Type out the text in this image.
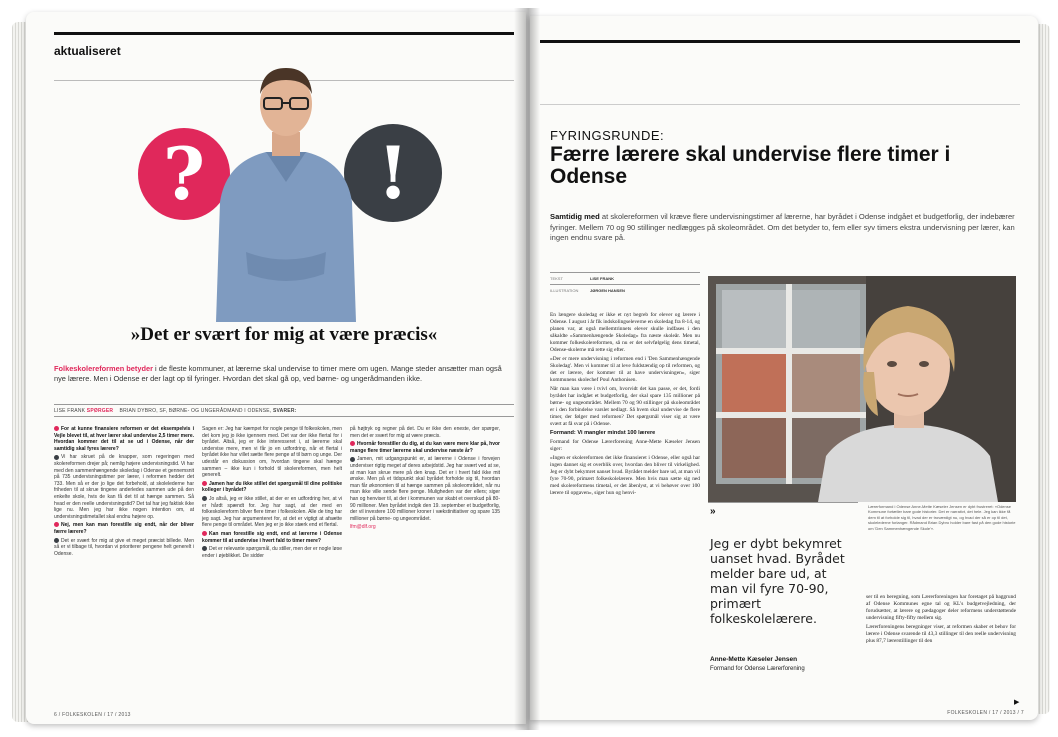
aktualiseret
?	!
»Det er svært for mig at være præcis«
Folkeskolereformen betyder i de fleste kommuner, at lærerne skal undervise to timer mere om ugen. Mange steder ansætter man også nye lærere. Men i Odense er der lagt op til fyringer. Hvordan det skal gå op, ved børne- og ungerådmanden ikke.
LISE FRANK SPØRGER BRIAN DYBRO, SF, BØRNE- OG UNGERÅDMAND I ODENSE, SVARER:

For at kunne finansiere reformen er det eksempelvis i Vejle blevet til, at hver lærer skal undervise 2,5 timer mere. Hvordan kommer det til at se ud i Odense, når der samtidig skal fyres lærere?

Vi har skruet på de knapper, som regeringen med skolereformen drejer på; nemlig højere undervisningstid. Vi har med den sammenhængende skoledag i Odense et gennemsnit på 735 undervisningstimer per lærer, i reformen hedder det 733. Men så er der jo lige det forbehold, at skolelederne har friheden til at skrue tingene anderledes sammen ude på den enkelte skole, hvis de kan få det til at hænge sammen. Så hvad er den reelle undervisningstid? Det tal har jeg faktisk ikke lige nu. Men jeg har ikke nogen intention om, at undervisningstimetallet skal endnu højere op.

Nej, men kan man forestille sig endt, når der bliver færre lærere?

Det er svært for mig at give et meget præcist billede. Men så er vi tilbage til, hvordan vi prioriterer pengene helt generelt i Odense.

Sagen er: Jeg har kæmpet for nogle penge til folkeskolen, men det kom jeg jo ikke igennem med. Det var der ikke flertal for i byrådet. Altså, jeg er ikke interesseret i, at lærerne skal undervise mere, men vi får jo en udfordring, når et flertal i byrådet ikke har villet sætte flere penge af til børn og unge. Der udestår en diskussion om, hvordan tingene skal hænge sammen – ikke kun i forhold til skolereformen, men helt generelt.

Jamen har du ikke stillet det spørgsmål til dine politiske kolleger i byrådet?

Jo altså, jeg er ikke stillet, at der er en udfordring her, at vi er hårdt spændt for. Jeg har sagt, at der med en folkeskolereform bliver flere timer i folkeskolen. Alle de ting har jeg sagt. Jeg har argumenteret for, at det er vigtigt at afsætte flere penge til området. Men jeg er jo ikke stærk end et flertal.

Kan man forestille sig endt, end at lærerne i Odense kommer til at undervise i hvert fald to timer mere?

Det er relevante spørgsmål, du stiller, men der er nogle løse ender i øjeblikket. De sidder

på højtryk og regner på det. Du er ikke den eneste, der spørger, men det er svært for mig at være præcis.

Hvornår forestiller du dig, at du kan være mere klar på, hvor mange flere timer lærerne skal undervise næste år?

Jamen, mit udgangspunkt er, at lærerne i Odense i forvejen underviser rigtig meget af deres arbejdstid. Jeg har svært ved at se, at man kan skrue mere på den knap. Det er i hvert fald ikke mit ønske. Men på et tidspunkt skal byrådet forholde sig til, hvordan man får økonomien til at hænge sammen på skoleområdet, når nu man ikke ville sende flere penge. Muligheden var der ellers; siger han og henviser til, at der i kommunen var skabt et overskud på 80-90 millioner. Men byrådet indgik den 19. september et budgetforlig, der vil investere 100 millioner kroner i vækstinitiativer og spare 135 millioner på børne- og ungeområdet.

lfm@dlf.org

6 / FOLKESKOLEN / 17 / 2013
FYRINGSRUNDE:
Færre lærere skal undervise flere timer i Odense
Samtidig med at skolereformen vil kræve flere undervisningstimer af lærerne, har byrådet i Odense indgået et budgetforlig, der indebærer fyringer. Mellem 70 og 90 stillinger nedlægges på skoleområdet. Om det betyder to, fem eller syv timers ekstra undervisning per lærer, kan ingen endnu svare på.
TEKST	LISE FRANK
ILLUSTRATION	JØRGEN HANSEN

En længere skoledag er ikke et nyt begreb for elever og lærere i Odense. I august i år fik indskolingseleverne en skoledag fra 8-14, og planen var, at også mellemtrinnets elever skulle indfases i den såkaldte »Sammenhængende Skoledag« fra næste skoleår. Men nu kommer folkeskolereformen, så nu er det selvfølgelig dens timetal, Odense-skolerne må rette sig efter.

»Der er mere undervisning i reformen end i 'Den Sammenhængende Skoledag'. Men vi kommer til at leve fuldstændig op til reformen, og det er lærere, der kommer til at have undervisningen«, siger kommunens skolechef Poul Anthonisen.

Når man kan være i tvivl om, hvorvidt det kan passe, er det, fordi byrådet har indgået et budgetforlig, der skal spare 135 millioner på børne- og ungeområdet. Mellem 70 og 90 stillinger på skoleområdet er i den forbindelse varslet nedlagt. Så hvem skal undervise de flere timer, der følger med reformen? Det spørgsmål viser sig at være svært at få svar på i Odense.

Formand: Vi mangler mindst 100 lærere

Formand for Odense Lærerforening Anne-Mette Kæseler Jensen siger:

»Ingen er skolereformen det ikke finansieret i Odense, eller også har ingen dannet sig et overblik over, hvordan den bliver til virkelighed. Jeg er dybt bekymret uanset hvad. Byrådet melder bare ud, at man vil fyre 70-90, primært folkeskolelærere. Men hvis man sætte sig ned med skolereformens timetal, er det åbenlyst, at vi behøver over 100 lærere til opgaven«, siger hun og henvi-

»
Jeg er dybt bekymret uanset hvad. Byrådet melder bare ud, at man vil fyre 70-90, primært folkeskolelærere.
Anne-Mette Kæseler Jensen
Formand for Odense Lærerforening
Lærerformand i Odense Anne-Mette Kæseler Jensen er dybt frustreret: »Odense Kommune fortæller bare gode historier. Det er narrativt, det hele. Jeg kan ikke få dem til at forholde sig til, hvad der er troværdigt nu, og hvad der så er op til det, skolelederne forlanger. Rådmand Brian Dybro holder bare fast på den gode historie om 'Den Sammenhængende Skole'«.

ser til en beregning, som Lærerforeningen har foretaget på baggrund af Odense Kommunes egne tal og KL's budgetvejledning, der forudsætter, at lærere og pædagoger deler reformens understøttende undervisning fifty-fifty mellem sig.

Lærerforeningens beregninger viser, at reformen skaber et behov for lærere i Odense svarende til 43,3 stillinger til den reelle undervisning plus 87,7 lærerstillinger til den

▶
FOLKESKOLEN / 17 / 2013 / 7
